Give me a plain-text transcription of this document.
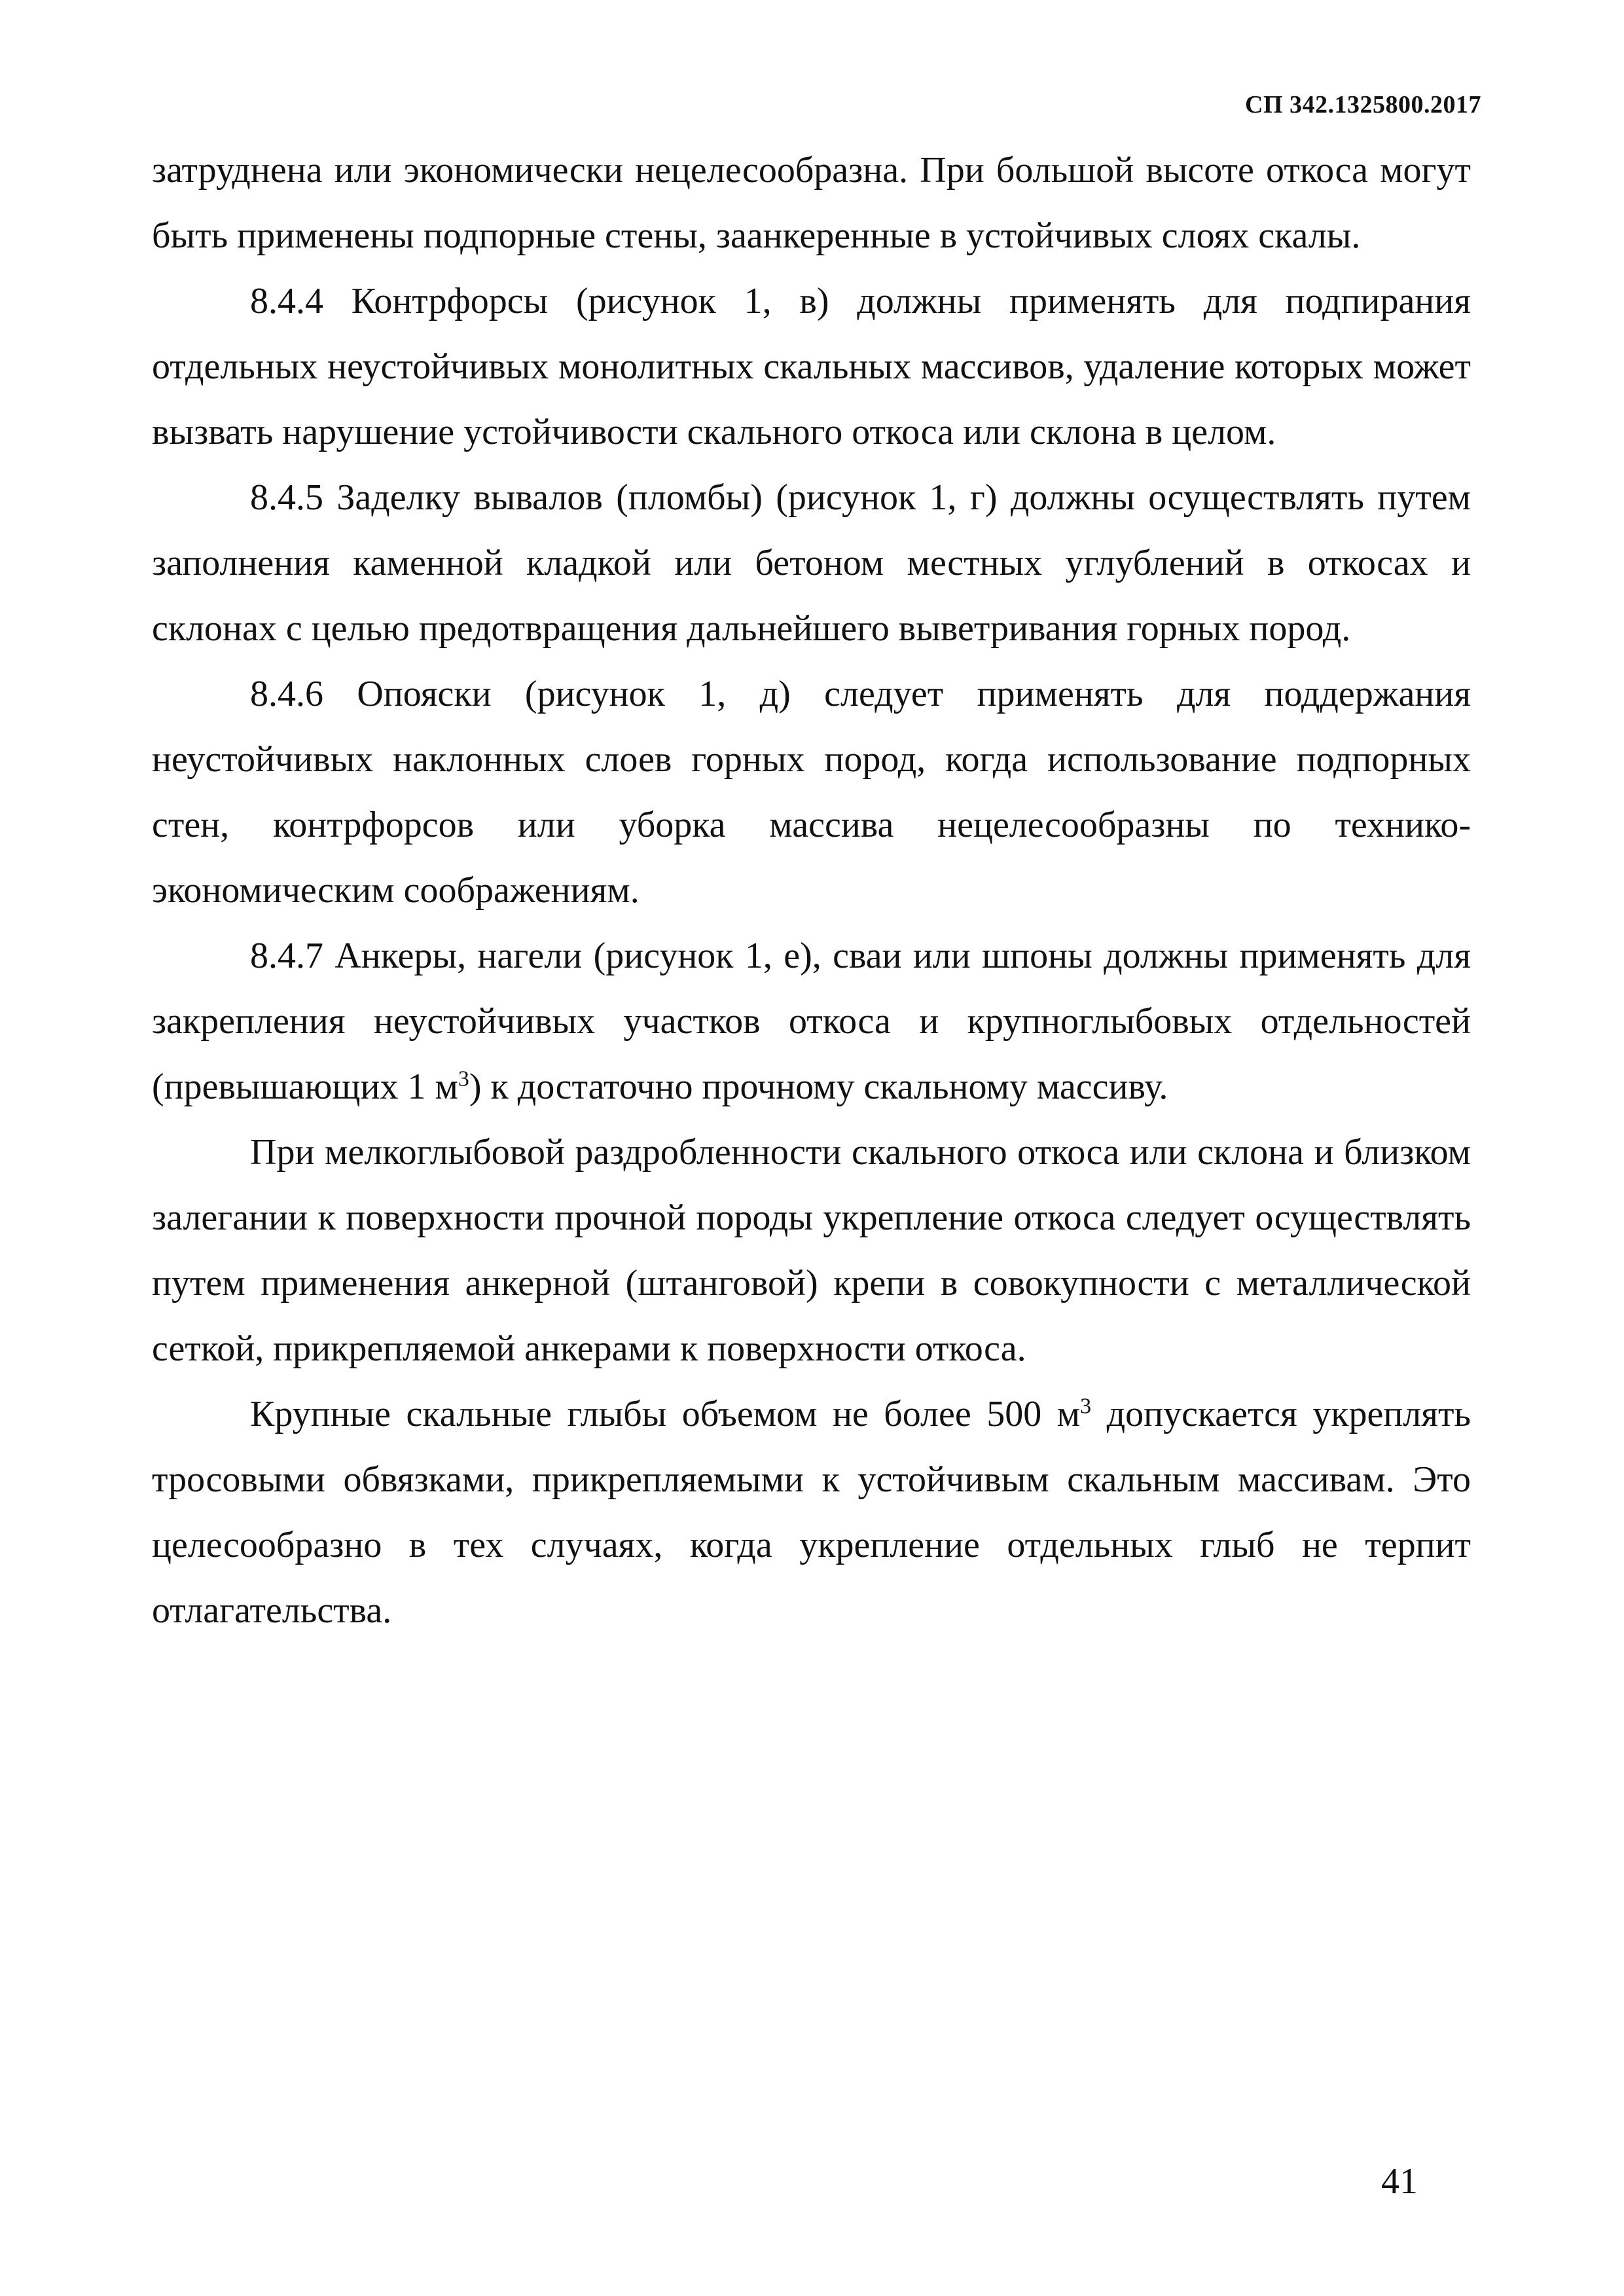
СП 342.1325800.2017

затруднена или экономически нецелесообразна. При большой высоте откоса могут быть применены подпорные стены, заанкеренные в устойчивых слоях скалы.

8.4.4 Контрфорсы (рисунок 1, в) должны применять для подпирания отдельных неустойчивых монолитных скальных массивов, удаление которых может вызвать нарушение устойчивости скального откоса или склона в целом.

8.4.5 Заделку вывалов (пломбы) (рисунок 1, г) должны осуществлять путем заполнения каменной кладкой или бетоном местных углублений в откосах и склонах с целью предотвращения дальнейшего выветривания горных пород.

8.4.6 Опояски (рисунок 1, д) следует применять для поддержания неустойчивых наклонных слоев горных пород, когда использование подпорных стен, контрфорсов или уборка массива нецелесообразны по технико-экономическим соображениям.

8.4.7 Анкеры, нагели (рисунок 1, е), сваи или шпоны должны применять для закрепления неустойчивых участков откоса и крупноглыбовых отдельностей (превышающих 1 $м^3$) к достаточно прочному скальному массиву.

При мелкоглыбовой раздробленности скального откоса или склона и близком залегании к поверхности прочной породы укрепление откоса следует осуществлять путем применения анкерной (штанговой) крепи в совокупности с металлической сеткой, прикрепляемой анкерами к поверхности откоса.

Крупные скальные глыбы объемом не более 500 $м^3$ допускается укреплять тросовыми обвязками, прикрепляемыми к устойчивым скальным массивам. Это целесообразно в тех случаях, когда укрепление отдельных глыб не терпит отлагательства.

41
